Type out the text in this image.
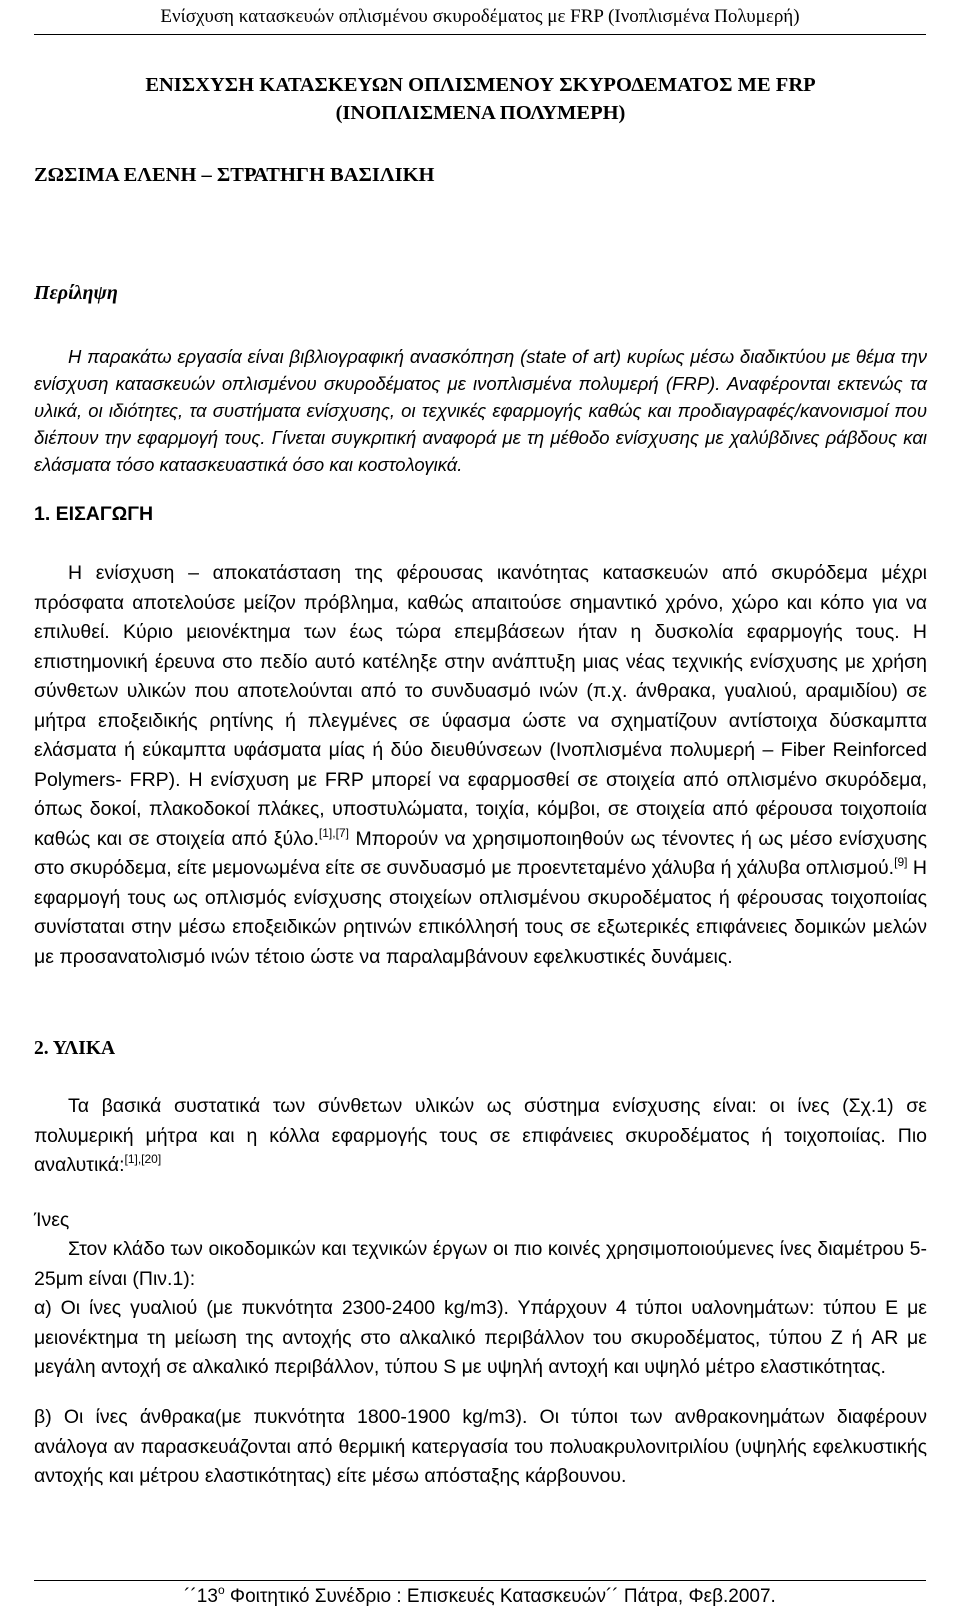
Ενίσχυση κατασκευών οπλισμένου σκυροδέματος με FRP (Ινοπλισμένα Πολυμερή)
ΕΝΙΣΧΥΣΗ ΚΑΤΑΣΚΕΥΩΝ ΟΠΛΙΣΜΕΝΟΥ ΣΚΥΡΟΔΕΜΑΤΟΣ ΜΕ FRP
(ΙΝΟΠΛΙΣΜΕΝΑ ΠΟΛΥΜΕΡΗ)
ΖΩΣΙΜΑ ΕΛΕΝΗ – ΣΤΡΑΤΗΓΗ ΒΑΣΙΛΙΚΗ
Περίληψη

Η παρακάτω εργασία είναι βιβλιογραφική ανασκόπηση (state of art) κυρίως μέσω διαδικτύου με θέμα την ενίσχυση κατασκευών οπλισμένου σκυροδέματος με ινοπλισμένα πολυμερή (FRP). Αναφέρονται εκτενώς τα υλικά, οι ιδιότητες, τα συστήματα ενίσχυσης, οι τεχνικές εφαρμογής καθώς και προδιαγραφές/κανονισμοί που διέπουν την εφαρμογή τους. Γίνεται συγκριτική αναφορά με τη μέθοδο ενίσχυσης με χαλύβδινες ράβδους και ελάσματα τόσο κατασκευαστικά όσο και κοστολογικά.

1. ΕΙΣΑΓΩΓΗ

Η ενίσχυση – αποκατάσταση της φέρουσας ικανότητας κατασκευών από σκυρόδεμα μέχρι πρόσφατα αποτελούσε μείζον πρόβλημα, καθώς απαιτούσε σημαντικό χρόνο, χώρο και κόπο για να επιλυθεί. Κύριο μειονέκτημα των έως τώρα επεμβάσεων ήταν η δυσκολία εφαρμογής τους. Η επιστημονική έρευνα στο πεδίο αυτό κατέληξε στην ανάπτυξη μιας νέας τεχνικής ενίσχυσης με χρήση σύνθετων υλικών που αποτελούνται από το συνδυασμό ινών (π.χ. άνθρακα, γυαλιού, αραμιδίου) σε μήτρα εποξειδικής ρητίνης ή πλεγμένες σε ύφασμα ώστε να σχηματίζουν αντίστοιχα δύσκαμπτα ελάσματα ή εύκαμπτα υφάσματα μίας ή δύο διευθύνσεων (Ινοπλισμένα πολυμερή – Fiber Reinforced Polymers- FRP). Η ενίσχυση με FRP μπορεί να εφαρμοσθεί σε στοιχεία από οπλισμένο σκυρόδεμα, όπως δοκοί, πλακοδοκοί πλάκες, υποστυλώματα, τοιχία, κόμβοι, σε στοιχεία από φέρουσα τοιχοποιία καθώς και σε στοιχεία από ξύλο.[1],[7] Μπορούν να χρησιμοποιηθούν ως τένοντες ή ως μέσο ενίσχυσης στο σκυρόδεμα, είτε μεμονωμένα είτε σε συνδυασμό με προεντεταμένο χάλυβα ή χάλυβα οπλισμού.[9] Η εφαρμογή τους ως οπλισμός ενίσχυσης στοιχείων οπλισμένου σκυροδέματος ή φέρουσας τοιχοποιίας συνίσταται στην μέσω εποξειδικών ρητινών επικόλλησή τους σε εξωτερικές επιφάνειες δομικών μελών με προσανατολισμό ινών τέτοιο ώστε να παραλαμβάνουν εφελκυστικές δυνάμεις.

2. ΥΛΙΚΑ

Τα βασικά συστατικά των σύνθετων υλικών ως σύστημα ενίσχυσης είναι: οι ίνες (Σχ.1) σε πολυμερική μήτρα και η κόλλα εφαρμογής τους σε επιφάνειες σκυροδέματος ή τοιχοποιίας. Πιο αναλυτικά:[1],[20]

Ίνες

Στον κλάδο των οικοδομικών και τεχνικών έργων οι πιο κοινές χρησιμοποιούμενες ίνες διαμέτρου 5-25μm είναι (Πιν.1):

α) Οι ίνες γυαλιού (με πυκνότητα 2300-2400 kg/m3). Υπάρχουν 4 τύποι υαλονημάτων: τύπου Ε με μειονέκτημα τη μείωση της αντοχής στο αλκαλικό περιβάλλον του σκυροδέματος, τύπου Ζ ή AR με μεγάλη αντοχή σε αλκαλικό περιβάλλον, τύπου S με υψηλή αντοχή και υψηλό μέτρο ελαστικότητας.

β) Οι ίνες άνθρακα(με πυκνότητα 1800-1900 kg/m3). Οι τύποι των ανθρακονημάτων διαφέρουν ανάλογα αν παρασκευάζονται από θερμική κατεργασία του πολυακρυλονιτριλίου (υψηλής εφελκυστικής αντοχής και μέτρου ελαστικότητας) είτε μέσω απόσταξης κάρβουνου.

$´´13^o$ Φοιτητικό Συνέδριο : Επισκευές Κατασκευών´´ Πάτρα, Φεβ.2007.
